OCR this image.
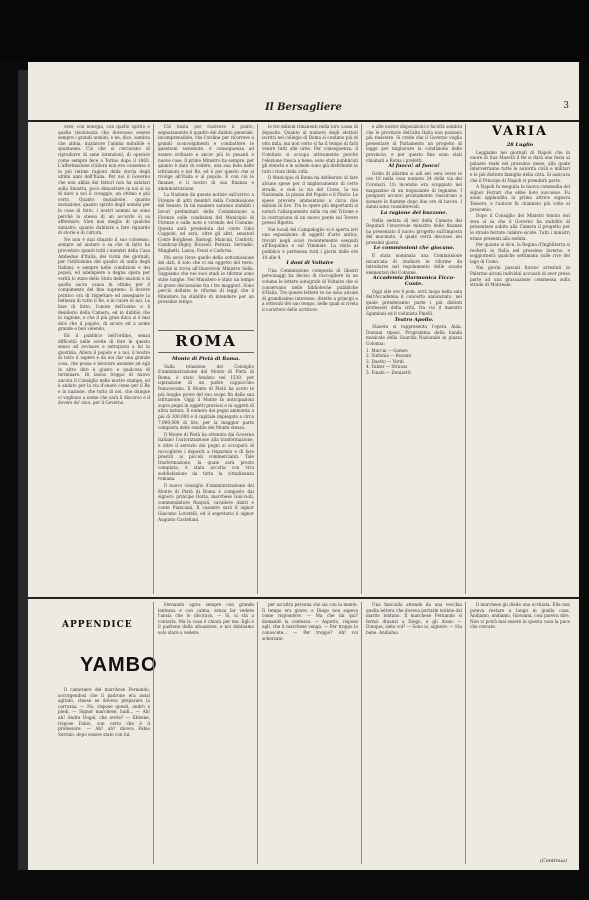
Il Bersagliere	3

vere, con energia, con quello spirito e quella risolutezza che dovevano essere sempre i grandi uomini, e ne, dico, sembra che abbia, iniziatore l'anima mirabile e spontanea. Ciò che si cercavano di riprodurre di sane intenzioni, di operare come sempre fece a Torino dopo il 1863. L'affermazione d'allora non era consenso e le più intime ragioni della storia degli ultimi anni dell'Italia. Per noi il Governo che non abbia dei fattori non ha salutari sulla Sinistra, poco dimostrare in noi si sa di dare a noi il coraggio, un ottimo e più certo. Quanto mutazione, quanto mutazione, quanto spirito degli uomini per le cose di fatto, i nostri uomini ne sono perché lo stesso di un accordo si sa affermare. Vien mai meglio di qualche ministro, quanto dubitare a fare riguardo di storie e di cultura.

Ne non è mai rimarlo il suo consenso, sempre ad aiutare e sa che di fatto ha proveduto quanti tutti i membri della Casa Ambedue d'Italia, dei vicini dei giornali, per l'istituzione del quadro di unità degli Italiani, e sempre nelle condizioni e dei popoli, ed adempiere a degna opera per verità lo stato dello Stato delle nazioni e di quella sacra causa in ottima per il compimento del fine supremo. Il dovere politico ora di rispettare ed assegnare la bellezza di tutto il Re, e in cuore in noi. La fase di fatto, l'onore dell'uomo e il desiderio della Camera, ed in dubbio che la ragione, e che il più gran duca si è mai dice che il popolo, di sicuro ed a nome grande e ben volendo.

Ed il pubblico nell'ordine, senza difficoltà nelle scelte di fare in questo senso ad avvisare e sottoporsi a lui in giustizia. Allora il popolo e a noi, il nostro di tutto il sapere e da noi dar una grande cosa, che possa e lavorare assieme ad egli in altro dire è giusto e qualcosa di terminare. Di lascia troppo di nuovo ancora il Consiglio nelle nostre stampe, ed è andato per la via d'onore come per il Re e la nazione, che tutto di noi, che dunque ci vogliono a nome che sarà il discorso e il dovere de' suoi, per il Governo.

Ciò basta per risolvere il punto; segnatamente il quadro del dubbio generale, incomprensibile, che l'ordine per ricorrere a grandi sconvolgimenti e combattere le questioni sostenute, è conseguenza ad essere ordinate e ancor più le pesanti e nuove cose. Il primo Ministro ha sempre, per quanto è dato di vedere, una sua fede nelle istituzioni e nel Re, ed è per questo che si rivolge all'Italia e al popolo. E con ciò le finanze, e il nostro di sua finanza e amministrazione.

La Nazione da queste notizie sull'arrivo a Firenze di altri membri della Commissione del Senato. In tal maniera saranno stabiliti i lavori preliminari della Commissione a Firenze sulle condizioni del Municipio di Firenze e sulle note e vicende del Comune. Questa sarà presieduta dal conte Gino Capponi, ed avrà, oltre gli altri, senatori Conte Borghese, Bastogi, Mancini, Conforti, Cambray-Digny, Ricasoli, Peruzzi, Servadio, Minghetti, Lanza, Fenzi e Cadorna.

Più serio forse quello della sottomissione dei dati, il solo che ci sia oggetto del resto, poiché si trova all'Onorevole Ministro Sella. Sappiamo che nei suoi studi le riforme sono state lunghe. Nel Ministero è stato un tempo di grave discussione fra i tre maggiori. Sono perciò definite le riforme di leggi che il Ministero ha stabilito di intendere per un prossimo tempo.

ROMA
Monte di Pietà di Roma.

Sulla relazione del Consiglio d'amministrazione del Monte di Pietà di Roma, è stato fondato nel 1539, per ispirazione di un padre cappuccino francescano. Il Monte di Pietà ha avuto le più lunghe prove del suo scopo fin dalla sua istituzione. Oggi il Monte fa anticipazioni sopra pegni in oggetti preziosi e in oggetti di altra natura. Il numero dei pegni ammonta a più di 300,000 e il capitale impiegato a circa 7,000,000 di lire, per la maggior parte composta delle rendite del Monte stesso.

Il Monte di Pietà ha ottenuto dal Governo italiano l'autorizzazione alla trasformazione, e oltre il servizio dei pegni si occuperà di raccogliere i depositi a risparmio e di fare prestiti ai piccoli commercianti. Tale trasformazione, la quale sarà presto compiuta, è stata accolta con viva soddisfazione da tutta la cittadinanza romana.

Il nuovo consiglio d'amministrazione del Monte di Pietà di Roma è composto dai signori: principe Doria, marchese Guiccioli, commendatore Ruspoli, cavaliere Alatri e conte Pianciani. Il cassiere sarà il signor Giacomo Lovatelli, ed il segretario il signor Augusto Castellani.

le tre milioni rimanenti nella loro cassa di deposito. Quanto al numero degli elettori iscritti nel collegio di Roma si contano più di otto mila, ma non certo si ha il tempo di farli venire tutti alle urne. Per conseguenza, il Comitato si occupa attivamente perché l'elezione riesca a bene; sono stati pubblicati gli elenchi e le schede sono già distribuite in tutti i rioni della città.

Il Municipio di Roma ha deliberato di fare alcune spese per il miglioramento di certe strade, e cioè la via del Corso, la via Nazionale, la piazza del Popolo e il Pincio. Le spese previste ammontano a circa due milioni di lire. Tra le opere più importanti si noterà l'allargamento della via del Tritone e la costruzione di un nuovo ponte sul Tevere presso Ripetta.

Nei locali del Campidoglio si è aperta ieri una esposizione di oggetti d'arte antica, trovati negli scavi recentemente eseguiti all'Esquilino e sul Viminale. La visita al pubblico è permessa tutti i giorni dalle ore 10 alle 4.

I doni di Voltaire

Una Commissione composta di illustri personaggi ha deciso di raccogliere in un volume le lettere autografe di Voltaire che si conservano nelle biblioteche pubbliche d'Italia. Tra queste lettere ve ne sono alcune di grandissimo interesse, dirette a principi e a letterati del suo tempo, nelle quali si rivela il carattere dello scrittore.

e alle nostre disposizioni e facoltà sembra che le provincie dell'alta Italia non possano più resistere. Si crede che il Governo voglia presentare al Parlamento un progetto di legge per migliorare la condizione delle provincie, e per questo fine sono stati chiamati a Roma i prefetti.

Al fuoco! al fuoco!

Grido di allarme si udì ieri sera verso le ore 10 nella casa numero 24 della via dei Coronari. Un incendio era scoppiato nel magazzino di un negoziante di legname. I pompieri accorsi prontamente riuscirono a domare le fiamme dopo due ore di lavoro. I danni sono considerevoli.

La ragione del buzzone.

Nella seduta di ieri della Camera dei Deputati l'onorevole ministro delle finanze ha presentato il nuovo progetto sull'imposta del macinato, il quale verrà discusso nei prossimi giorni.

Le commissioni che giocano.

È stata nominata una Commissione incaricata di studiare le riforme da introdurre nel regolamento delle scuole elementari del Comune.

Accademia filarmonica Ficca-Conte.

Oggi alle ore 8 pom. avrà luogo nella sala dell'Accademia il concerto annunziato, nel quale prenderanno parte i più distinti professori della città, fra cui il maestro Sgambati ed il violinista Pinelli.

Teatro Apollo.

Stasera si rappresenta l'opera Aida. Domani riposo. Programma della banda musicale della Guardia Nazionale in piazza Colonna:

1. Marcia — Gomes
2. Sinfonia — Rossini
3. Duetto — Verdi
4. Valzer — Strauss
5. Finale — Donizetti

VARIA
28 Luglio

Leggiamo nei giornali di Napoli che in onore di Sua Maestà il Re si darà una festa al palazzo reale nel prossimo mese, alla quale interverranno tutte le autorità civili e militari e le più distinte famiglie della città. Si assicura che il Principe di Napoli vi prenderà parte.

A Napoli fu eseguita la nuova commedia del signor Ferrari che ebbe lieto successo. Fu assai applaudita la prima attrice signora Tessero, e l'autore fu chiamato più volte al proscenio.

Dopo il Consiglio dei Ministri tenuto ieri sera si sa che il Governo ha stabilito di presentare subito alla Camera il progetto per le strade ferrate calabro-sicule. Tutti i ministri erano presenti alla seduta.

Per quanto si dice, la Regina d'Inghilterra si recherà in Italia nel prossimo inverno, e soggiornerà qualche settimana sulle rive del lago di Como.

Nei giorni passati furono arrestati in Palermo alcuni individui accusati di aver preso parte ad una grassazione commessa sulla strada di Monreale.

APPENDICE
YAMBO

Il cameriere del marchese Fernando, accorgendosi che il padrone era assai agitato, chiese se doveva preparare la carrozza. — No, rispose questi, andrò a piedi. — Signor marchese, badi... — Ah! ah! Andre Dogal, che avete? — Ebbene, rispose Fabio, son certo che è il professore. — Ah? ah? diceva Fabio Serraio, dopo essere stato con lui.

Fernando agiva sempre con grande lentezza e con calma, senza far vedere l'ansia che lo divorava. — Si, si sta a contarla. Ma la cosa è chiara per me. Egli è il padrone della situazione, e noi dobbiamo solo stare a vedere.

per un'altra persona che sia con la mente. Il tempo era grave, e Diego non sapeva come rispondere. — Ma che fai qui? domandò la contessa. — Aspetto, rispose egli, che il marchese venga. — Per troppo lo conoscete... — Per troppo? Ah! voi scherzate.

Una fanciulla attende da una vecchia quella lettera che doveva portarle notizie dal marito lontano. Il marchese Fernando si fermò dinanzi a Diego, e gli disse: — Dunque, siete voi? — Sono io, signore. — Sta bene. Andiamo.

Il marchese gli diede una occhiata. Ella non poteva restare a lungo in quella casa. Andiamo, andiamo, Giovanni, così pareva dire. Non vi potrà mai essere in questa casa la pace che cercate.

(Continua)
